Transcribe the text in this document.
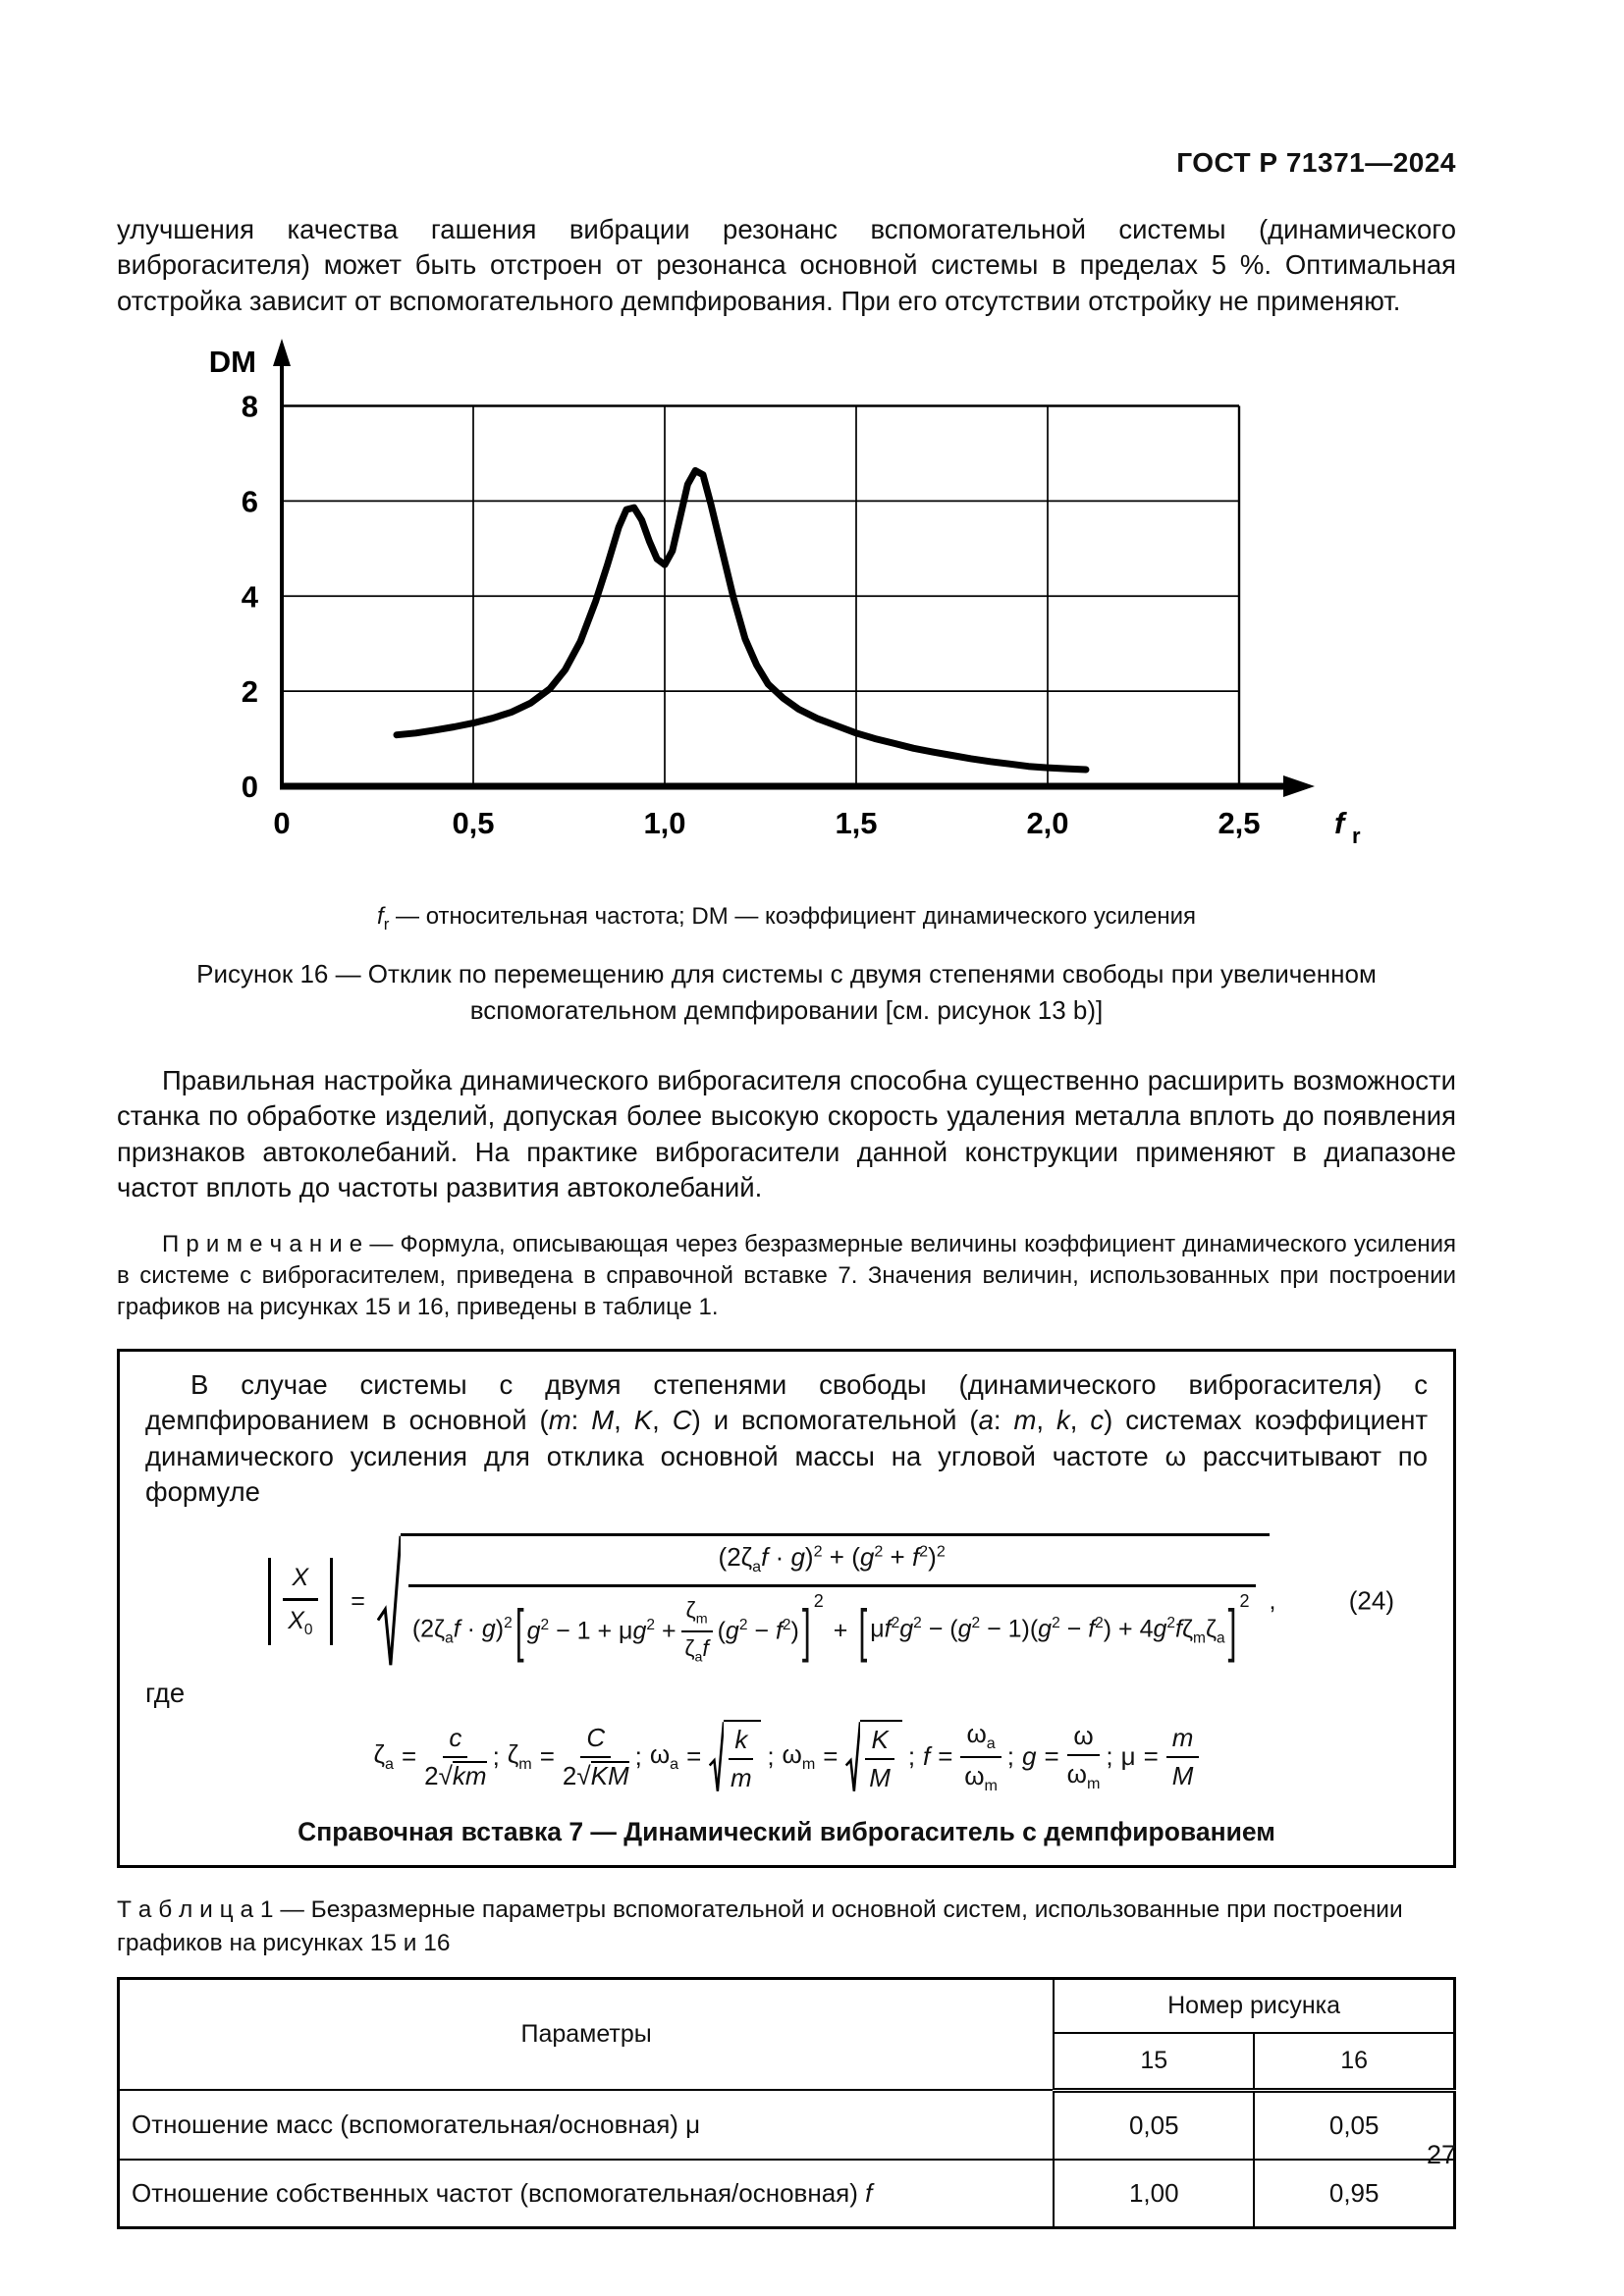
ГОСТ Р 71371—2024

улучшения качества гашения вибрации резонанс вспомогательной системы (динамического виброгасителя) может быть отстроен от резонанса основной системы в пределах 5 %. Оптимальная отстройка зависит от вспомогательного демпфирования. При его отсутствии отстройку не применяют.

0
2
4
6
8
0	0,5	1,0	1,5	2,0	2,5
DM
f r
$f_r$ — относительная частота; DM — коэффициент динамического усиления
Рисунок 16 — Отклик по перемещению для системы с двумя степенями свободы при увеличенном
вспомогательном демпфировании [см. рисунок 13 b)]

Правильная настройка динамического виброгасителя способна существенно расширить возможности станка по обработке изделий, допуская более высокую скорость удаления металла вплоть до появления признаков автоколебаний. На практике виброгасители данной конструкции применяют в диапазоне частот вплоть до частоты развития автоколебаний.

П р и м е ч а н и е — Формула, описывающая через безразмерные величины коэффициент динамического усиления в системе с виброгасителем, приведена в справочной вставке 7. Значения величин, использованных при построении графиков на рисунках 15 и 16, приведены в таблице 1.

В случае системы с двумя степенями свободы (динамического виброгасителя) с демпфированием в основной (m: M, K, C) и вспомогательной (a: m, k, c) системах коэффициент динамического усиления для отклика основной массы на угловой частоте ω рассчитывают по формуле

$\frac{X}{X_0}$ =
$(2\zeta_af \cdot g)^2 + (g^2 + f^2)^2$
$(2\zeta_af \cdot g)^2$ [ $g^2 - 1 + \mu g^2$ +
$\zeta_m$
$\zeta_af$
$(g^2 - f^2)$ ] 2
+ [ $\mu f^2g^2 - (g^2 - 1)(g^2 - f^2) + 4g^2f\zeta_m\zeta_a$ ] 2 ,	(24)
где
$\zeta_a = \frac{c}{2√km}$ ; $\zeta_m = \frac{C}{2√KM}$ ; $\omega_a = \frac{k}{m}$ ; $\omega_m = \frac{K}{M}$ ; $f = \frac{\omega_a}{\omega_m}$ ; $g = \frac{\omega}{\omega_m}$ ; $\mu = \frac{m}{M}$
Справочная вставка 7 — Динамический виброгаситель с демпфированием

Т а б л и ц а 1 — Безразмерные параметры вспомогательной и основной систем, использованные при построении графиков на рисунках 15 и 16

Параметры	Номер рисунка	
	15	16
Отношение масс (вспомогательная/основная) μ	0,05	0,05
Отношение собственных частот (вспомогательная/основная) f	1,00	0,95
27
